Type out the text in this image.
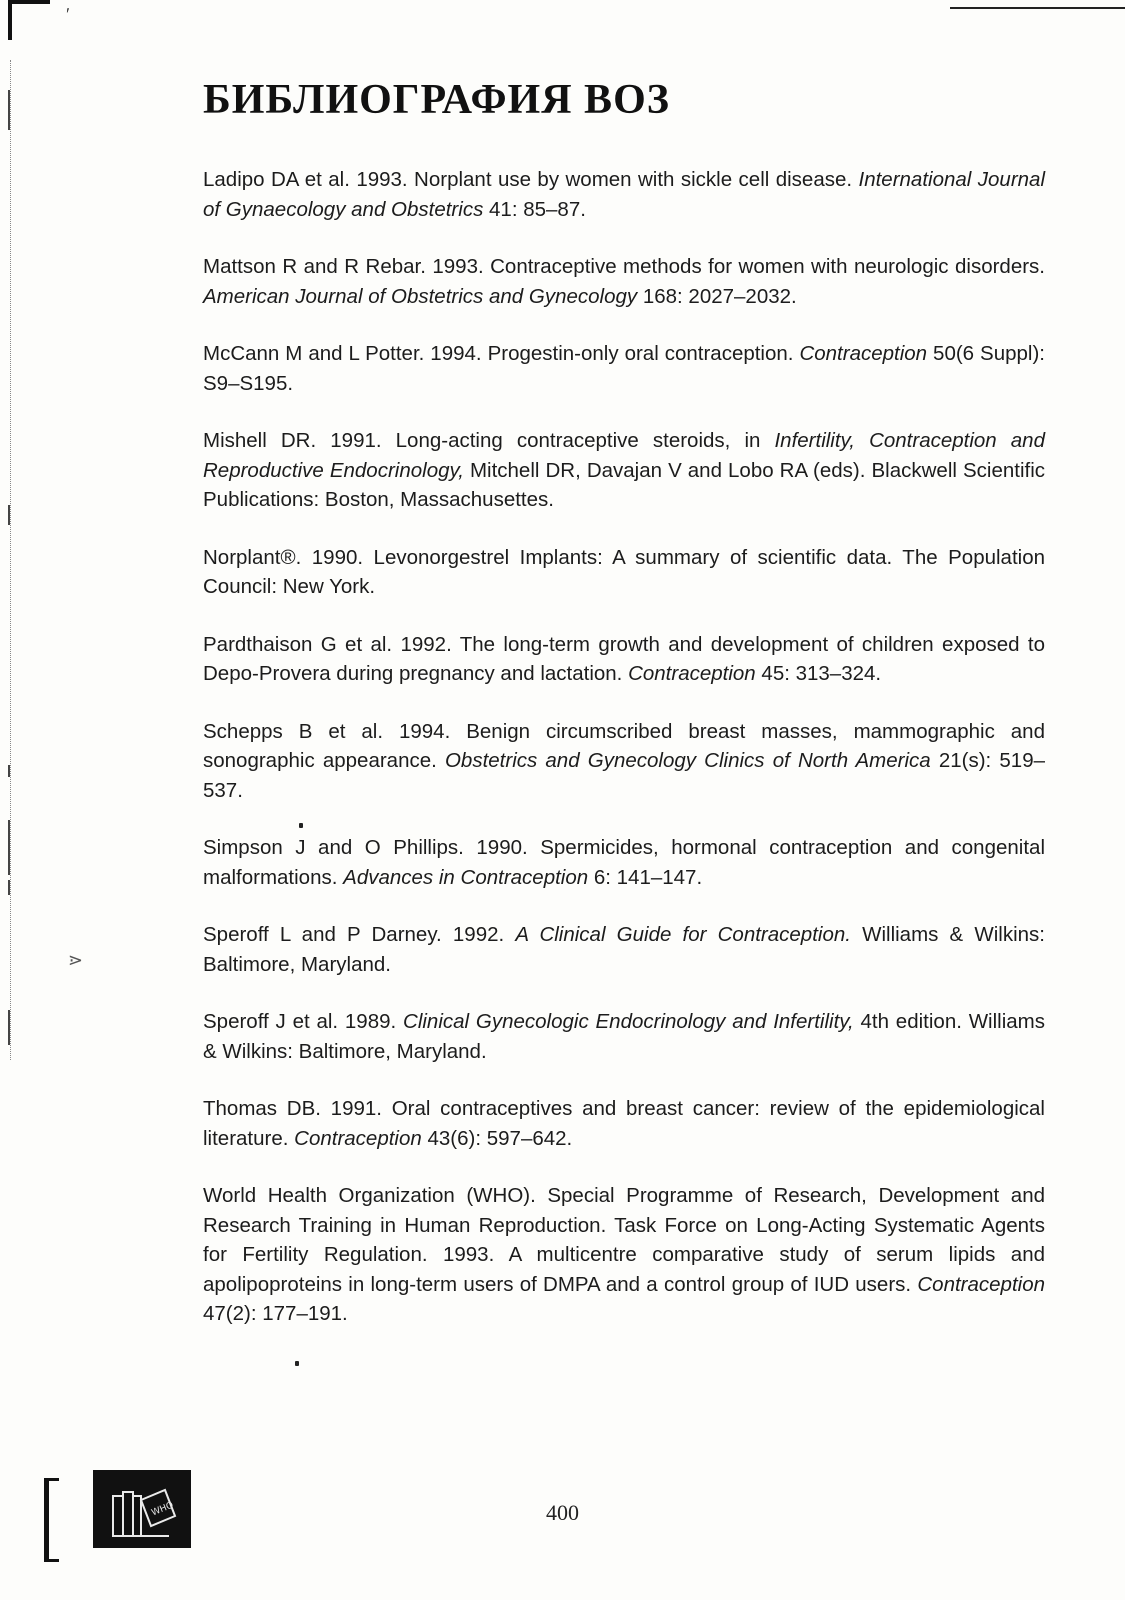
ʹ
⋗
БИБЛИОГРАФИЯ ВОЗ
Ladipo DA et al. 1993. Norplant use by women with sickle cell disease. International Journal of Gynaecology and Obstetrics 41: 85–87.
Mattson R and R Rebar. 1993. Contraceptive methods for women with neurologic disorders. American Journal of Obstetrics and Gynecology 168: 2027–2032.
McCann M and L Potter. 1994. Progestin-only oral contraception. Contraception 50(6 Suppl): S9–S195.
Mishell DR. 1991. Long-acting contraceptive steroids, in Infertility, Contraception and Reproductive Endocrinology, Mitchell DR, Davajan V and Lobo RA (eds). Blackwell Scientific Publications: Boston, Massachusettes.
Norplant®. 1990. Levonorgestrel Implants: A summary of scientific data. The Population Council: New York.
Pardthaison G et al. 1992. The long-term growth and development of children exposed to Depo-Provera during pregnancy and lactation. Contraception 45: 313–324.
Schepps B et al. 1994. Benign circumscribed breast masses, mammographic and sonographic appearance. Obstetrics and Gynecology Clinics of North America 21(s): 519–537.
Simpson J and O Phillips. 1990. Spermicides, hormonal contraception and congenital malformations. Advances in Contraception 6: 141–147.
Speroff L and P Darney. 1992. A Clinical Guide for Contraception. Williams & Wilkins: Baltimore, Maryland.
Speroff J et al. 1989. Clinical Gynecologic Endocrinology and Infertility, 4th edition. Williams & Wilkins: Baltimore, Maryland.
Thomas DB. 1991. Oral contraceptives and breast cancer: review of the epidemiological literature. Contraception 43(6): 597–642.
World Health Organization (WHO). Special Programme of Research, Development and Research Training in Human Reproduction. Task Force on Long-Acting Systematic Agents for Fertility Regulation. 1993. A multicentre comparative study of serum lipids and apolipoproteins in long-term users of DMPA and a control group of IUD users. Contraception 47(2): 177–191.
WHO	400
